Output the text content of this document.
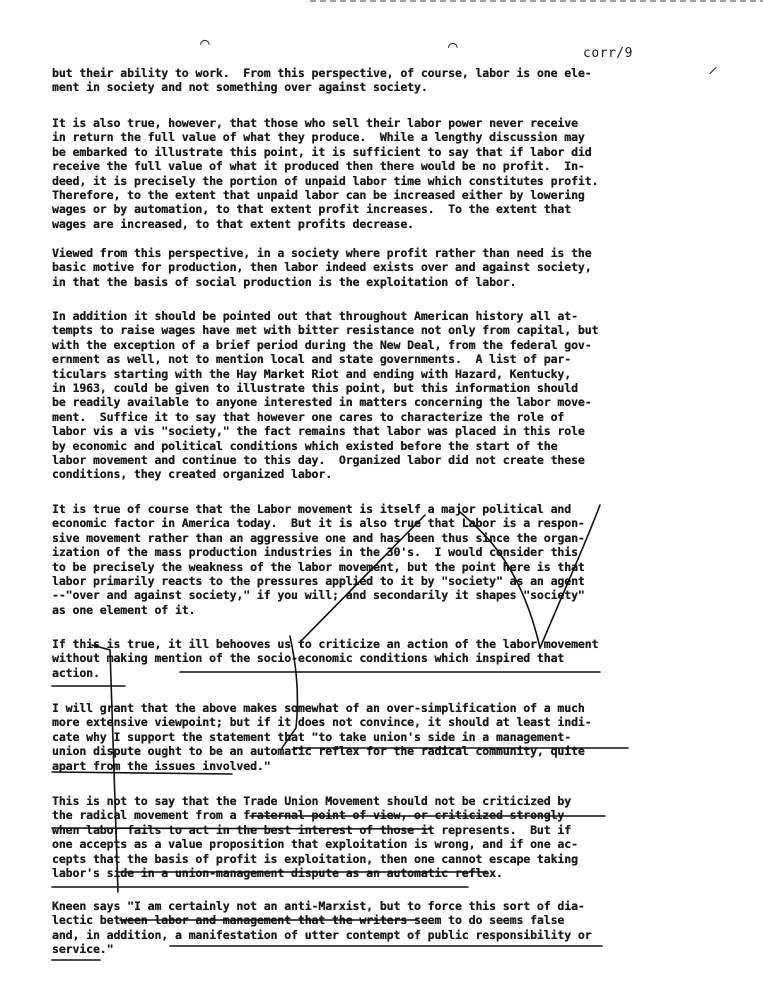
corr/9
⌒	⌒
⸍

but their ability to work.  From this perspective, of course, labor is one ele-
ment in society and not something over against society.

It is also true, however, that those who sell their labor power never receive
in return the full value of what they produce.  While a lengthy discussion may
be embarked to illustrate this point, it is sufficient to say that if labor did
receive the full value of what it produced then there would be no profit.  In-
deed, it is precisely the portion of unpaid labor time which constitutes profit.
Therefore, to the extent that unpaid labor can be increased either by lowering
wages or by automation, to that extent profit increases.  To the extent that
wages are increased, to that extent profits decrease.

Viewed from this perspective, in a society where profit rather than need is the
basic motive for production, then labor indeed exists over and against society,
in that the basis of social production is the exploitation of labor.

In addition it should be pointed out that throughout American history all at-
tempts to raise wages have met with bitter resistance not only from capital, but
with the exception of a brief period during the New Deal, from the federal gov-
ernment as well, not to mention local and state governments.  A list of par-
ticulars starting with the Hay Market Riot and ending with Hazard, Kentucky,
in 1963, could be given to illustrate this point, but this information should
be readily available to anyone interested in matters concerning the labor move-
ment.  Suffice it to say that however one cares to characterize the role of
labor vis a vis "society," the fact remains that labor was placed in this role
by economic and political conditions which existed before the start of the
labor movement and continue to this day.  Organized labor did not create these
conditions, they created organized labor.

It is true of course that the Labor movement is itself a major political and
economic factor in America today.  But it is also true that Labor is a respon-
sive movement rather than an aggressive one and has been thus since the organ-
ization of the mass production industries in the 30's.  I would consider this
to be precisely the weakness of the labor movement, but the point here is that
labor primarily reacts to the pressures applied to it by "society" as an agent
--"over and against society," if you will; and secondarily it shapes "society"
as one element of it.

If this is true, it ill behooves us to criticize an action of the labor movement
without making mention of the socio-economic conditions which inspired that
action.

I will grant that the above makes somewhat of an over-simplification of a much
more extensive viewpoint; but if it does not convince, it should at least indi-
cate why I support the statement that "to take union's side in a management-
union dispute ought to be an automatic reflex for the radical community, quite
apart from the issues involved."

This is not to say that the Trade Union Movement should not be criticized by
the radical movement from a fraternal point of view, or criticized strongly
when labor fails to act in the best interest of those it represents.  But if
one accepts as a value proposition that exploitation is wrong, and if one ac-
cepts that the basis of profit is exploitation, then one cannot escape taking
labor's side in a union-management dispute as an automatic reflex.

Kneen says "I am certainly not an anti-Marxist, but to force this sort of dia-
lectic between labor and management that the writers seem to do seems false
and, in addition, a manifestation of utter contempt of public responsibility or
service."
